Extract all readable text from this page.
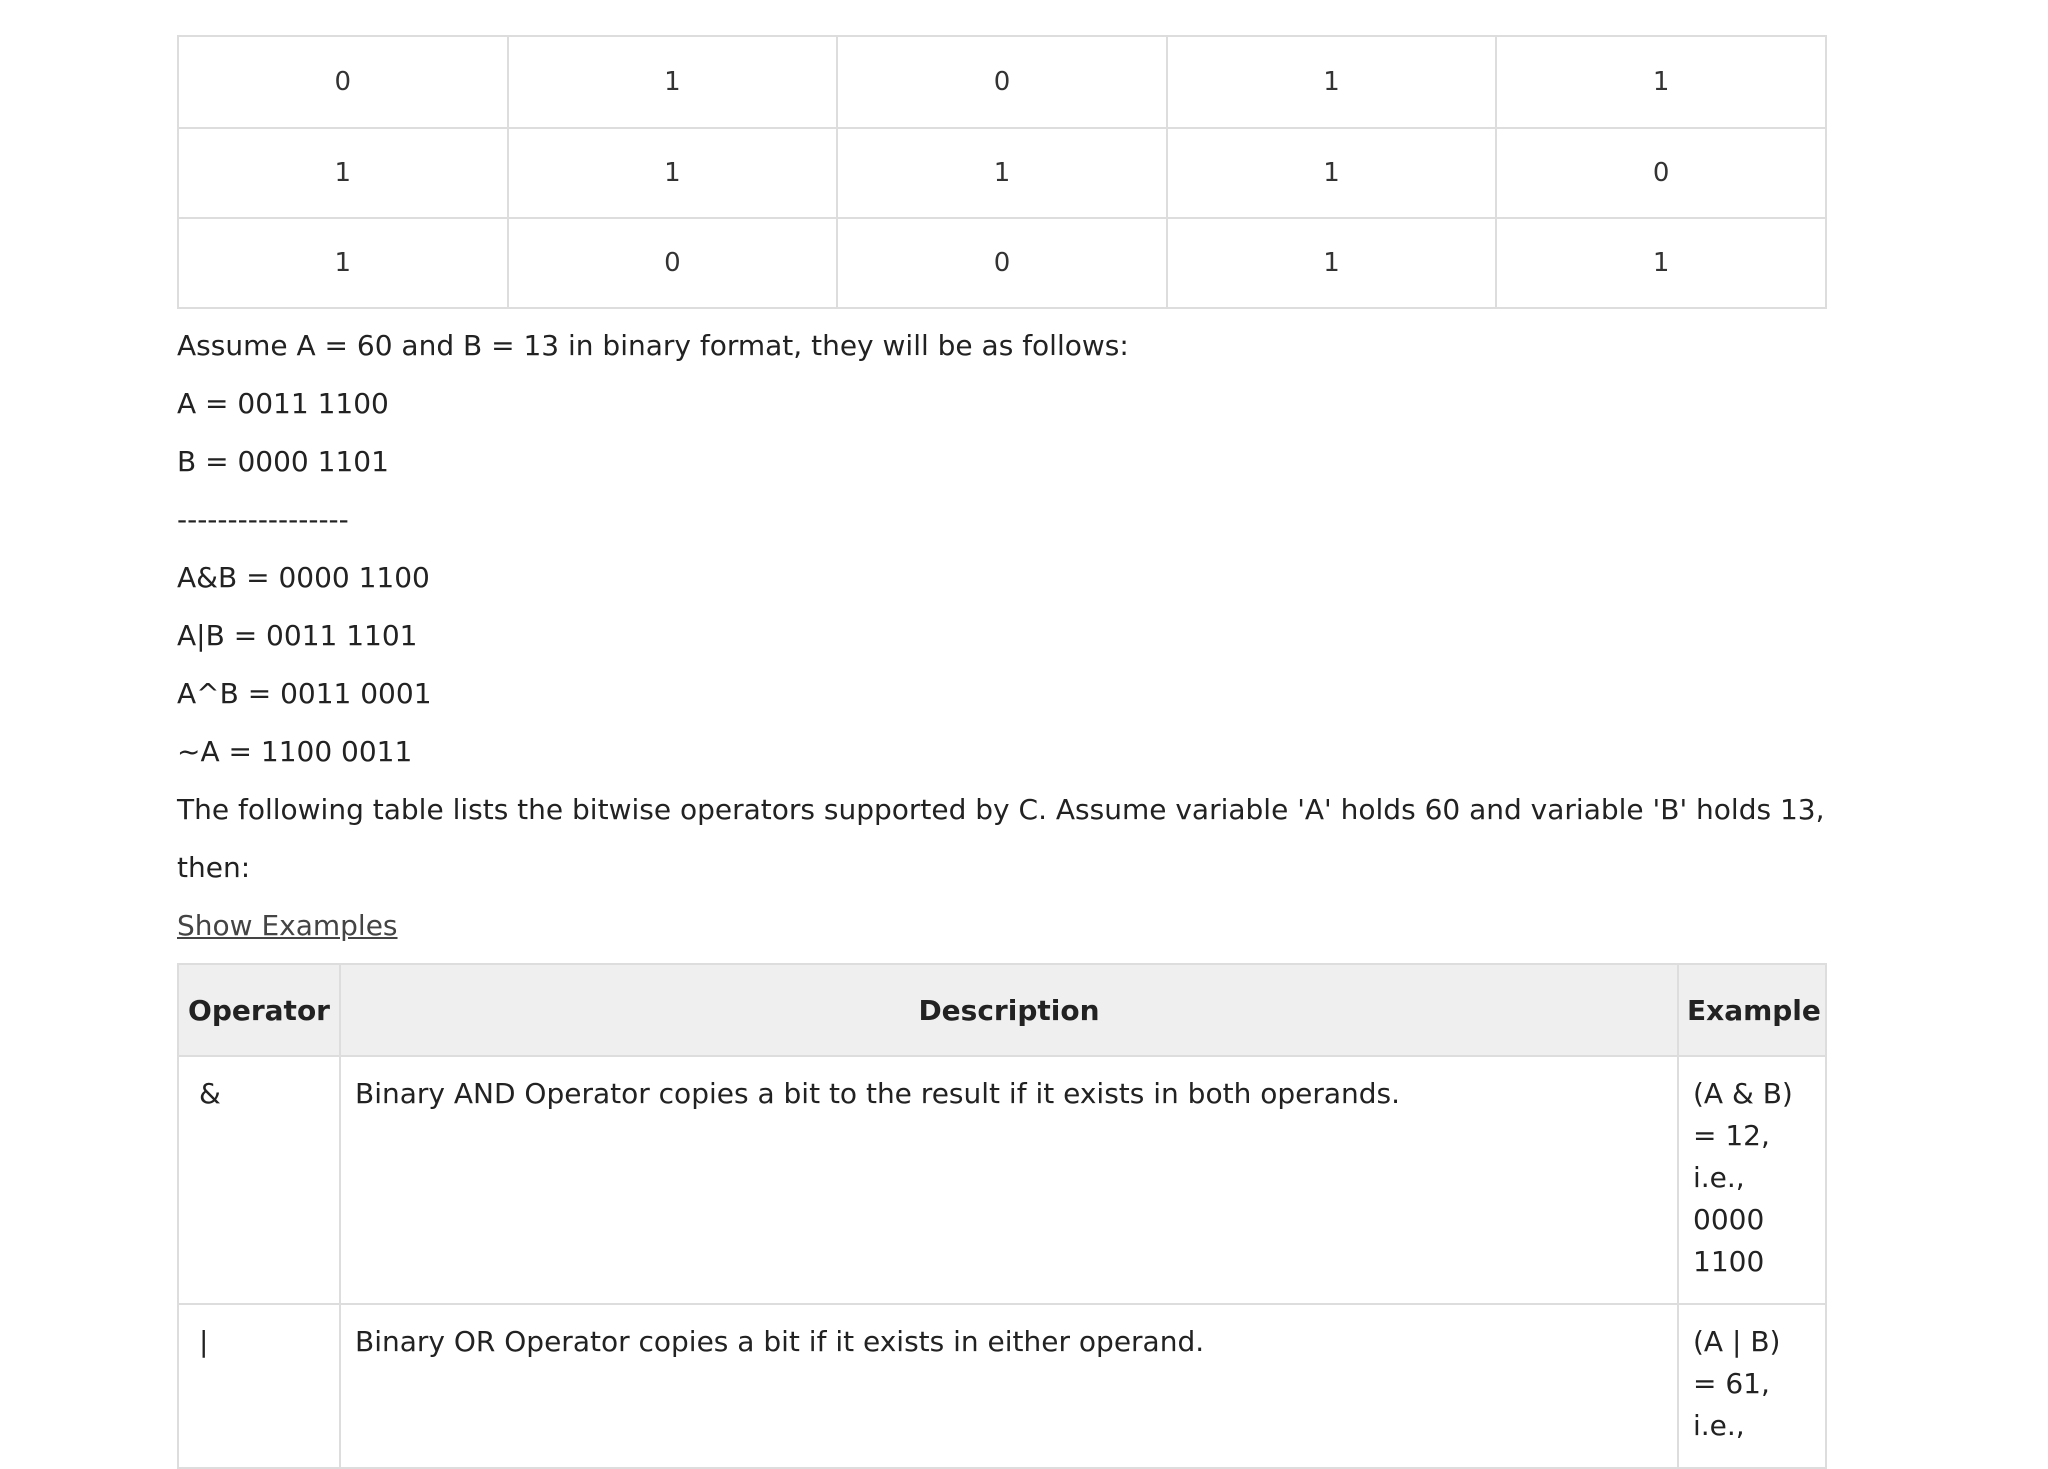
0	1	0	1	1
1	1	1	1	0
1	0	0	1	1

Assume A = 60 and B = 13 in binary format, they will be as follows:

A = 0011 1100

B = 0000 1101

-----------------

A&B = 0000 1100

A|B = 0011 1101

A^B = 0011 0001

~A = 1100 0011

The following table lists the bitwise operators supported by C. Assume variable 'A' holds 60 and variable 'B' holds 13, then:

Show Examples

Operator	Description	Example
&	Binary AND Operator copies a bit to the result if it exists in both operands.	(A & B) = 12, i.e., 0000 1100
|	Binary OR Operator copies a bit if it exists in either operand.	(A | B) = 61, i.e.,
